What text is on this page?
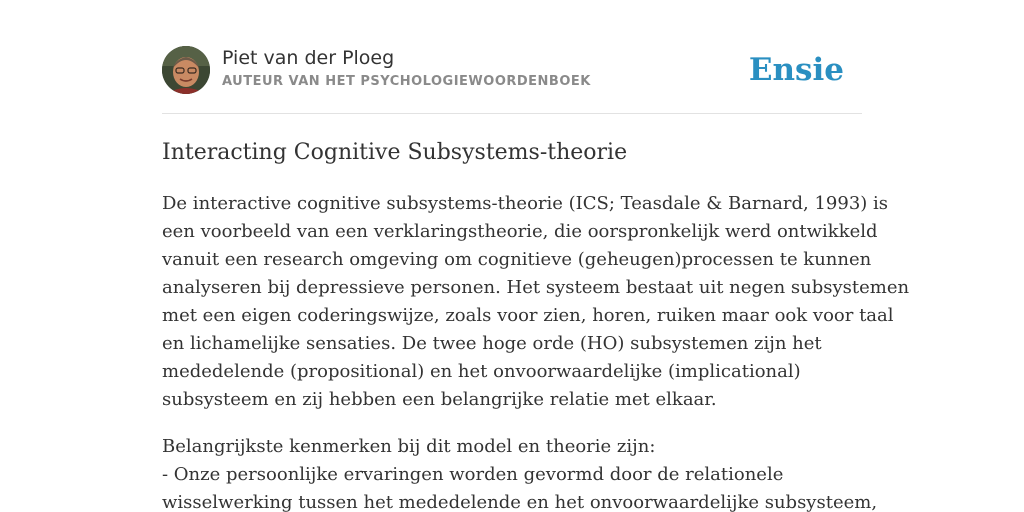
Piet van der Ploeg
AUTEUR VAN HET PSYCHOLOGIEWOORDENBOEK	Ensie
Interacting Cognitive Subsystems-theorie

De interactive cognitive subsystems-theorie (ICS; Teasdale & Barnard, 1993) is
een voorbeeld van een verklaringstheorie, die oorspronkelijk werd ontwikkeld
vanuit een research omgeving om cognitieve (geheugen)processen te kunnen
analyseren bij depressieve personen. Het systeem bestaat uit negen subsystemen
met een eigen coderingswijze, zoals voor zien, horen, ruiken maar ook voor taal
en lichamelijke sensaties. De twee hoge orde (HO) subsystemen zijn het
mededelende (propositional) en het onvoorwaardelijke (implicational)
subsysteem en zij hebben een belangrijke relatie met elkaar.

Belangrijkste kenmerken bij dit model en theorie zijn:
- Onze persoonlijke ervaringen worden gevormd door de relationele
wisselwerking tussen het mededelende en het onvoorwaardelijke subsysteem,
